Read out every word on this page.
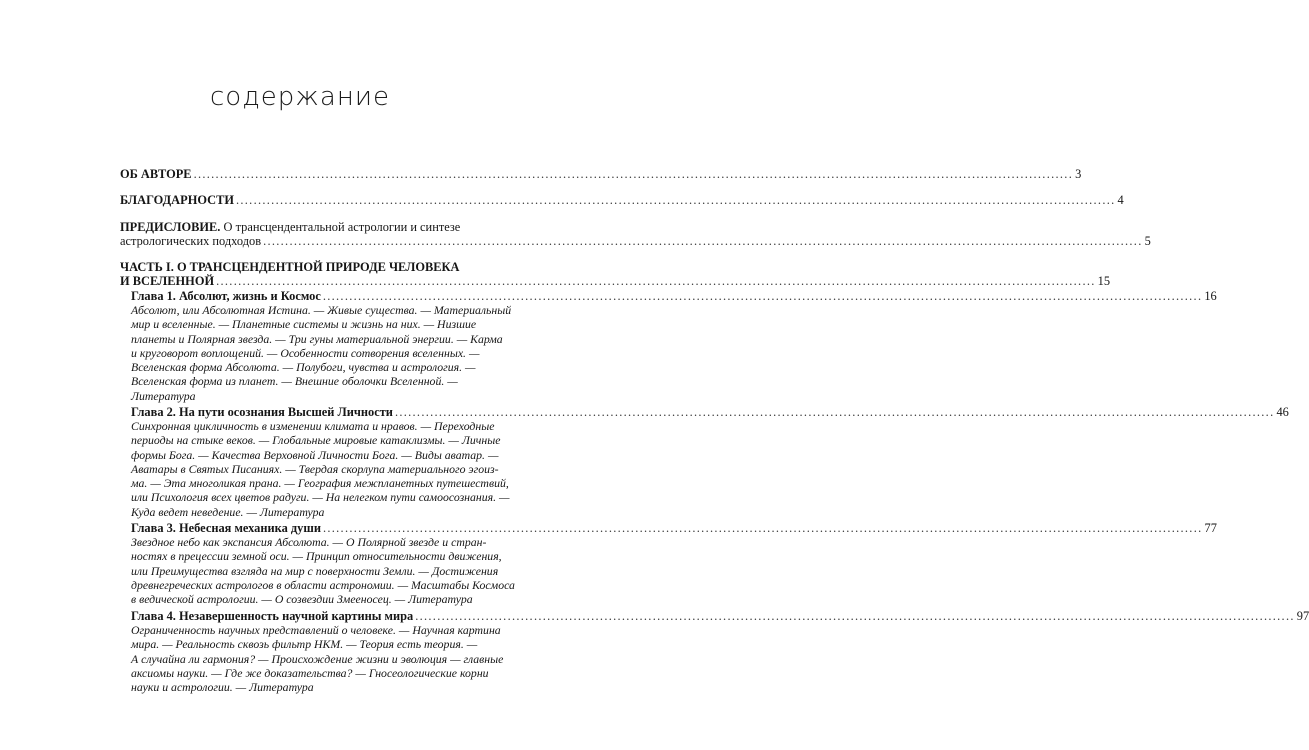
содержание
ОБ АВТОРЕ ........................................................................................................................................................................................................ 3
БЛАГОДАРНОСТИ ........................................................................................................................................................................................................ 4
ПРЕДИСЛОВИЕ. О трансцендентальной астрологии и синтезе
астрологических подходов ........................................................................................................................................................................................................ 5
ЧАСТЬ I. О ТРАНСЦЕНДЕНТНОЙ ПРИРОДЕ ЧЕЛОВЕКА
И ВСЕЛЕННОЙ ........................................................................................................................................................................................................ 15
Глава 1. Абсолют, жизнь и Космос ........................................................................................................................................................................................................ 16
Абсолют, или Абсолютная Истина. — Живые существа. — Материальный
мир и вселенные. — Планетные системы и жизнь на них. — Низшие
планеты и Полярная звезда. — Три гуны материальной энергии. — Карма
и круговорот воплощений. — Особенности сотворения вселенных. —
Вселенская форма Абсолюта. — Полубоги, чувства и астрология. —
Вселенская форма из планет. — Внешние оболочки Вселенной. —
Литература
Глава 2. На пути осознания Высшей Личности ........................................................................................................................................................................................................ 46
Синхронная цикличность в изменении климата и нравов. — Переходные
периоды на стыке веков. — Глобальные мировые катаклизмы. — Личные
формы Бога. — Качества Верховной Личности Бога. — Виды аватар. —
Аватары в Святых Писаниях. — Твердая скорлупа материального эгоиз-
ма. — Эта многоликая прана. — География межпланетных путешествий,
или Психология всех цветов радуги. — На нелегком пути самоосознания. —
Куда ведет неведение. — Литература
Глава 3. Небесная механика души ........................................................................................................................................................................................................ 77
Звездное небо как экспансия Абсолюта. — О Полярной звезде и стран-
ностях в прецессии земной оси. — Принцип относительности движения,
или Преимущества взгляда на мир с поверхности Земли. — Достижения
древнегреческих астрологов в области астрономии. — Масштабы Космоса
в ведической астрологии. — О созвездии Змееносец. — Литература
Глава 4. Незавершенность научной картины мира ........................................................................................................................................................................................................ 97
Ограниченность научных представлений о человеке. — Научная картина
мира. — Реальность сквозь фильтр НКМ. — Теория есть теория. —
А случайна ли гармония? — Происхождение жизни и эволюция — главные
аксиомы науки. — Где же доказательства? — Гносеологические корни
науки и астрологии. — Литература
